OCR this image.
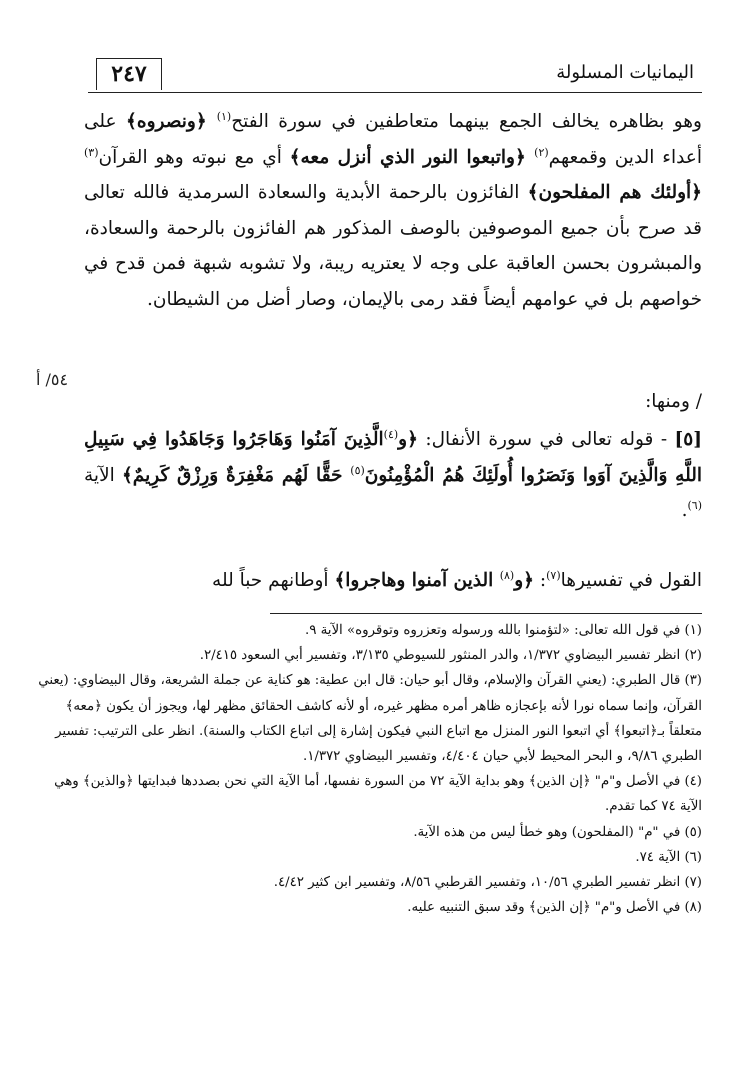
٢٤٧	اليمانيات المسلولة
٥٤/ أ

وهو بظاهره يخالف الجمع بينهما متعاطفين في سورة الفتح$^{(١)}$ ﴿ونصروه﴾ على أعداء الدين وقمعهم$^{(٢)}$ ﴿واتبعوا النور الذي أنزل معه﴾ أي مع نبوته وهو القرآن$^{(٣)}$ ﴿أولئك هم المفلحون﴾ الفائزون بالرحمة الأبدية والسعادة السرمدية فالله تعالى قد صرح بأن جميع الموصوفين بالوصف المذكور هم الفائزون بالرحمة والسعادة، والمبشرون بحسن العاقبة على وجه لا يعتريه ريبة، ولا تشوبه شبهة فمن قدح في خواصهم بل في عوامهم أيضاً فقد رمى بالإيمان، وصار أضل من الشيطان.

/ ومنها:

[٥] - قوله تعالى في سورة الأنفال: ﴿و$^{(٤)}$الَّذِينَ آمَنُوا وَهَاجَرُوا وَجَاهَدُوا فِي سَبِيلِ اللَّهِ وَالَّذِينَ آوَوا وَنَصَرُوا أُولَئِكَ هُمُ الْمُؤْمِنُونَ$^{(٥)}$ حَقًّا لَهُم مَغْفِرَةٌ وَرِزْقٌ كَرِيمٌ﴾ الآية $^{(٦)}$.

القول في تفسيرها$^{(٧)}$: ﴿و$^{(٨)}$ الذين آمنوا وهاجروا﴾ أوطانهم حباً لله

(١) في قول الله تعالى: «لتؤمنوا بالله ورسوله وتعزروه وتوقروه» الآية ٩.

(٢) انظر تفسير البيضاوي ١/٣٧٢، والدر المنثور للسيوطي ٣/١٣٥، وتفسير أبي السعود ٢/٤١٥.

(٣) قال الطبري: (يعني القرآن والإسلام، وقال أبو حيان: قال ابن عطية: هو كناية عن جملة الشريعة، وقال البيضاوي: (يعني القرآن، وإنما سماه نورا لأنه بإعجازه ظاهر أمره مظهر غيره، أو لأنه كاشف الحقائق مظهر لها، ويجوز أن يكون ﴿معه﴾ متعلقاً بـ﴿اتبعوا﴾ أي اتبعوا النور المنزل مع اتباع النبي فيكون إشارة إلى اتباع الكتاب والسنة). انظر على الترتيب: تفسير الطبري ٩/٨٦، و البحر المحيط لأبي حيان ٤/٤٠٤، وتفسير البيضاوي ١/٣٧٢.

(٤) في الأصل و"م" ﴿إن الذين﴾ وهو بداية الآية ٧٢ من السورة نفسها، أما الآية التي نحن بصددها فبدايتها ﴿والذين﴾ وهي الآية ٧٤ كما تقدم.

(٥) في "م" (المفلحون) وهو خطأ ليس من هذه الآية.

(٦) الآية ٧٤.

(٧) انظر تفسير الطبري ١٠/٥٦، وتفسير القرطبي ٨/٥٦، وتفسير ابن كثير ٤/٤٢.

(٨) في الأصل و"م" ﴿إن الذين﴾ وقد سبق التنبيه عليه.
